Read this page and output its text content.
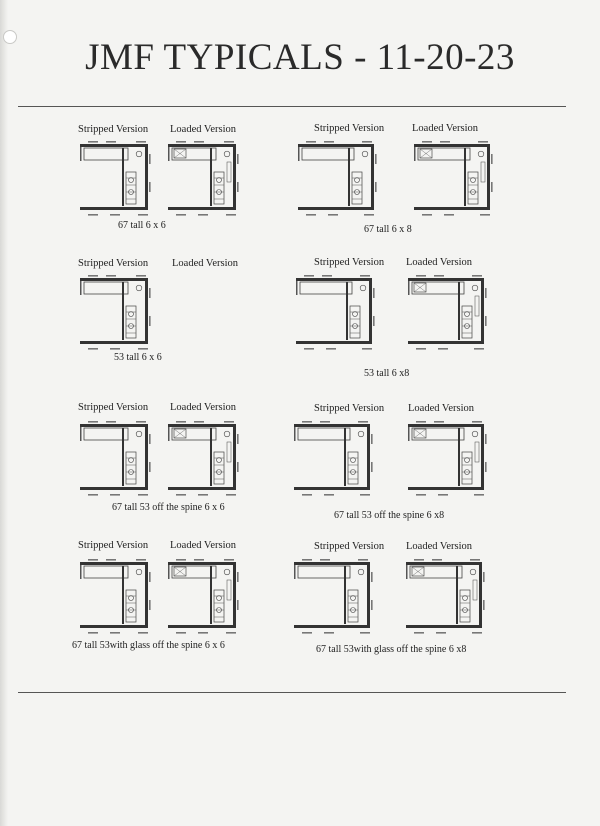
JMF TYPICALS - 11-20-23
Stripped Version Loaded Version
67 tall 6 x 6
Stripped Version	Loaded Version
67 tall 6 x 8
Stripped Version Loaded Version
53 tall 6 x 6
Stripped Version Loaded Version
53 tall 6 x8
Stripped Version Loaded Version
67 tall 53 off the spine 6 x 6
Stripped Version Loaded Version
67 tall 53 off the spine 6 x8
Stripped Version Loaded Version
67 tall 53with glass off the spine 6 x 6
Stripped Version Loaded Version
67 tall 53with glass off the spine 6 x8
